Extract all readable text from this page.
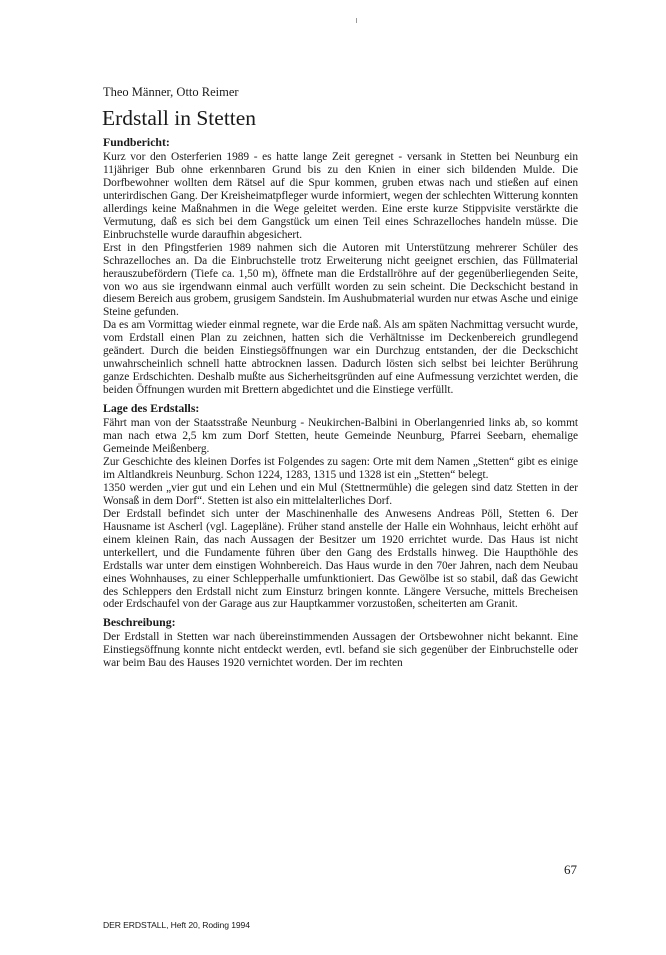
Theo Männer, Otto Reimer
Erdstall in Stetten
Fundbericht:

Kurz vor den Osterferien 1989 - es hatte lange Zeit geregnet - versank in Stetten bei Neunburg ein 11jähriger Bub ohne erkennbaren Grund bis zu den Knien in einer sich bildenden Mulde. Die Dorfbewohner wollten dem Rätsel auf die Spur kommen, gruben etwas nach und stießen auf einen unterirdischen Gang. Der Kreisheimatpfleger wurde informiert, wegen der schlechten Witterung konnten allerdings keine Maßnahmen in die Wege geleitet werden. Eine erste kurze Stippvisite verstärkte die Vermutung, daß es sich bei dem Gangstück um einen Teil eines Schrazelloches handeln müsse. Die Einbruchstelle wurde daraufhin abgesichert.

Erst in den Pfingstferien 1989 nahmen sich die Autoren mit Unterstützung mehrerer Schüler des Schrazelloches an. Da die Einbruchstelle trotz Erweiterung nicht geeignet erschien, das Füllmaterial herauszubefördern (Tiefe ca. 1,50 m), öffnete man die Erdstallröhre auf der gegenüberliegenden Seite, von wo aus sie irgendwann einmal auch verfüllt worden zu sein scheint. Die Deckschicht bestand in diesem Bereich aus grobem, grusigem Sandstein. Im Aushubmaterial wurden nur etwas Asche und einige Steine gefunden.

Da es am Vormittag wieder einmal regnete, war die Erde naß. Als am späten Nachmittag versucht wurde, vom Erdstall einen Plan zu zeichnen, hatten sich die Verhältnisse im Deckenbereich grundlegend geändert. Durch die beiden Einstiegsöffnungen war ein Durchzug entstanden, der die Deckschicht unwahrscheinlich schnell hatte abtrocknen lassen. Dadurch lösten sich selbst bei leichter Berührung ganze Erdschichten. Deshalb mußte aus Sicherheitsgründen auf eine Aufmessung verzichtet werden, die beiden Öffnungen wurden mit Brettern abgedichtet und die Einstiege verfüllt.

Lage des Erdstalls:

Fährt man von der Staatsstraße Neunburg - Neukirchen-Balbini in Oberlangenried links ab, so kommt man nach etwa 2,5 km zum Dorf Stetten, heute Gemeinde Neunburg, Pfarrei Seebarn, ehemalige Gemeinde Meißenberg.

Zur Geschichte des kleinen Dorfes ist Folgendes zu sagen: Orte mit dem Namen „Stetten“ gibt es einige im Altlandkreis Neunburg. Schon 1224, 1283, 1315 und 1328 ist ein „Stetten“ belegt.

1350 werden „vier gut und ein Lehen und ein Mul (Stettnermühle) die gelegen sind datz Stetten in der Wonsaß in dem Dorf“. Stetten ist also ein mittelalterliches Dorf.

Der Erdstall befindet sich unter der Maschinenhalle des Anwesens Andreas Pöll, Stetten 6. Der Hausname ist Ascherl (vgl. Lagepläne). Früher stand anstelle der Halle ein Wohnhaus, leicht erhöht auf einem kleinen Rain, das nach Aussagen der Besitzer um 1920 errichtet wurde. Das Haus ist nicht unterkellert, und die Fundamente führen über den Gang des Erdstalls hinweg. Die Haupthöhle des Erdstalls war unter dem einstigen Wohnbereich. Das Haus wurde in den 70er Jahren, nach dem Neubau eines Wohnhauses, zu einer Schlepperhalle umfunktioniert. Das Gewölbe ist so stabil, daß das Gewicht des Schleppers den Erdstall nicht zum Einsturz bringen konnte. Längere Versuche, mittels Brecheisen oder Erdschaufel von der Garage aus zur Hauptkammer vorzustoßen, scheiterten am Granit.

Beschreibung:

Der Erdstall in Stetten war nach übereinstimmenden Aussagen der Ortsbewohner nicht bekannt. Eine Einstiegsöffnung konnte nicht entdeckt werden, evtl. befand sie sich gegenüber der Einbruchstelle oder war beim Bau des Hauses 1920 vernichtet worden. Der im rechten

67
DER ERDSTALL, Heft 20, Roding 1994
